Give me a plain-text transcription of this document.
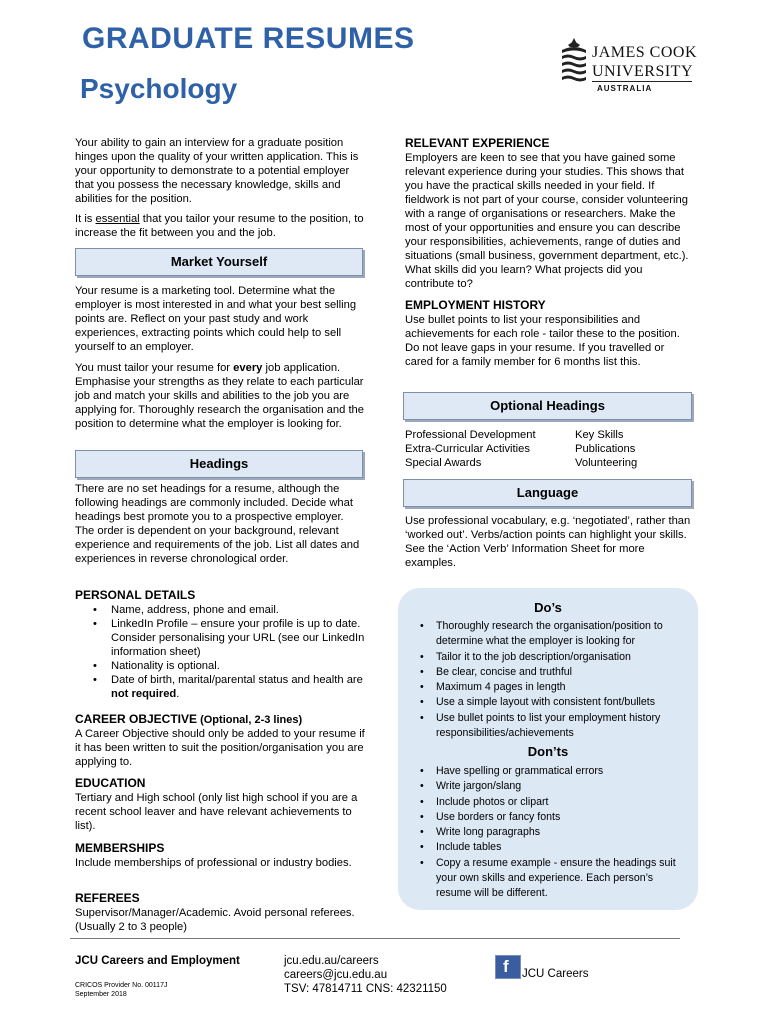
GRADUATE RESUMES
Psychology
JAMES COOK
UNIVERSITY
AUSTRALIA
Your ability to gain an interview for a graduate position hinges upon the quality of your written application. This is your opportunity to demonstrate to a potential employer that you possess the necessary knowledge, skills and abilities for the position.
It is essential that you tailor your resume to the position, to increase the fit between you and the job.
Market Yourself
Your resume is a marketing tool. Determine what the employer is most interested in and what your best selling points are. Reflect on your past study and work experiences, extracting points which could help to sell yourself to an employer.
You must tailor your resume for every job application. Emphasise your strengths as they relate to each particular job and match your skills and abilities to the job you are applying for. Thoroughly research the organisation and the position to determine what the employer is looking for.
Headings
There are no set headings for a resume, although the following headings are commonly included. Decide what headings best promote you to a prospective employer. The order is dependent on your background, relevant experience and requirements of the job. List all dates and experiences in reverse chronological order.
PERSONAL DETAILS
• Name, address, phone and email.
• LinkedIn Profile – ensure your profile is up to date. Consider personalising your URL (see our LinkedIn information sheet)
• Nationality is optional.
• Date of birth, marital/parental status and health are not required.
CAREER OBJECTIVE (Optional, 2-3 lines)
A Career Objective should only be added to your resume if it has been written to suit the position/organisation you are applying to.
EDUCATION
Tertiary and High school (only list high school if you are a recent school leaver and have relevant achievements to list).
MEMBERSHIPS
Include memberships of professional or industry bodies.
REFEREES
Supervisor/Manager/Academic. Avoid personal referees. (Usually 2 to 3 people)
RELEVANT EXPERIENCE
Employers are keen to see that you have gained some relevant experience during your studies. This shows that you have the practical skills needed in your field. If fieldwork is not part of your course, consider volunteering with a range of organisations or researchers. Make the most of your opportunities and ensure you can describe your responsibilities, achievements, range of duties and situations (small business, government department, etc.). What skills did you learn? What projects did you contribute to?
EMPLOYMENT HISTORY
Use bullet points to list your responsibilities and achievements for each role - tailor these to the position. Do not leave gaps in your resume. If you travelled or cared for a family member for 6 months list this.
Optional Headings
Professional Development
Extra-Curricular Activities
Special Awards
Key Skills
Publications
Volunteering
Language
Use professional vocabulary, e.g. ‘negotiated’, rather than ‘worked out’. Verbs/action points can highlight your skills. See the ‘Action Verb’ Information Sheet for more examples.
Do’s
• Thoroughly research the organisation/position to determine what the employer is looking for
• Tailor it to the job description/organisation
• Be clear, concise and truthful
• Maximum 4 pages in length
• Use a simple layout with consistent font/bullets
• Use bullet points to list your employment history responsibilities/achievements
Don’ts
• Have spelling or grammatical errors
• Write jargon/slang
• Include photos or clipart
• Use borders or fancy fonts
• Write long paragraphs
• Include tables
• Copy a resume example - ensure the headings suit your own skills and experience. Each person’s resume will be different.
JCU Careers and Employment
CRICOS Provider No. 00117J
September 2018
jcu.edu.au/careers
careers@jcu.edu.au
TSV: 47814711 CNS: 42321150
f JCU Careers
